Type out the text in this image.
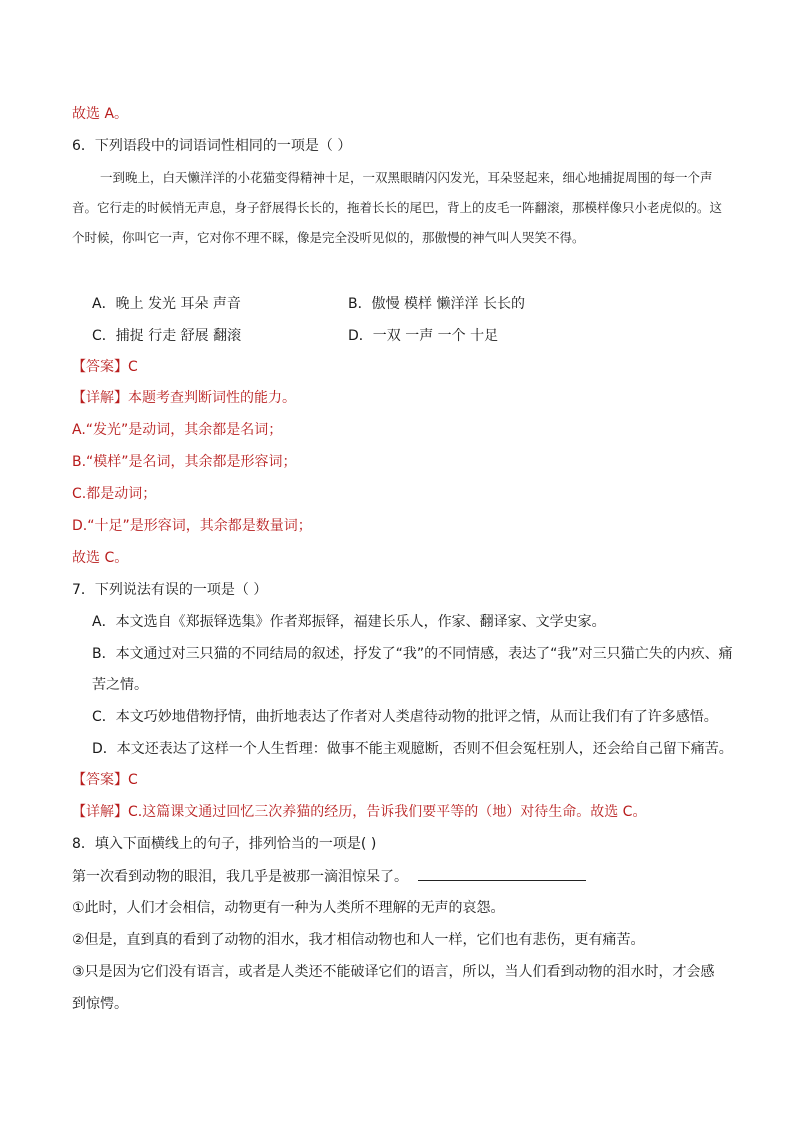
故选 A。
6．下列语段中的词语词性相同的一项是（ ）
一到晚上，白天懒洋洋的小花猫变得精神十足，一双黑眼睛闪闪发光，耳朵竖起来，细心地捕捉周围的每一个声音。它行走的时候悄无声息，身子舒展得长长的，拖着长长的尾巴，背上的皮毛一阵翻滚，那模样像只小老虎似的。这个时候，你叫它一声，它对你不理不睬，像是完全没听见似的，那傲慢的神气叫人哭笑不得。
A．晚上 发光 耳朵 声音	B．傲慢 模样 懒洋洋 长长的
C．捕捉 行走 舒展 翻滚	D．一双 一声 一个 十足
【答案】C
【详解】本题考查判断词性的能力。
A.“发光”是动词，其余都是名词；
B.“模样”是名词，其余都是形容词；
C.都是动词；
D.“十足”是形容词，其余都是数量词；
故选 C。
7．下列说法有误的一项是（ ）
A．本文选自《郑振铎选集》作者郑振铎，福建长乐人，作家、翻译家、文学史家。
B．本文通过对三只猫的不同结局的叙述，抒发了“我”的不同情感，表达了“我”对三只猫亡失的内疚、痛
苦之情。
C．本文巧妙地借物抒情，曲折地表达了作者对人类虐待动物的批评之情，从而让我们有了许多感悟。
D．本文还表达了这样一个人生哲理：做事不能主观臆断，否则不但会冤枉别人，还会给自己留下痛苦。
【答案】C
【详解】C.这篇课文通过回忆三次养猫的经历，告诉我们要平等的（地）对待生命。故选 C。
8．填入下面横线上的句子，排列恰当的一项是( )
第一次看到动物的眼泪，我几乎是被那一滴泪惊呆了。
①此时，人们才会相信，动物更有一种为人类所不理解的无声的哀怨。
②但是，直到真的看到了动物的泪水，我才相信动物也和人一样，它们也有悲伤，更有痛苦。
③只是因为它们没有语言，或者是人类还不能破译它们的语言，所以，当人们看到动物的泪水时，才会感
到惊愕。
